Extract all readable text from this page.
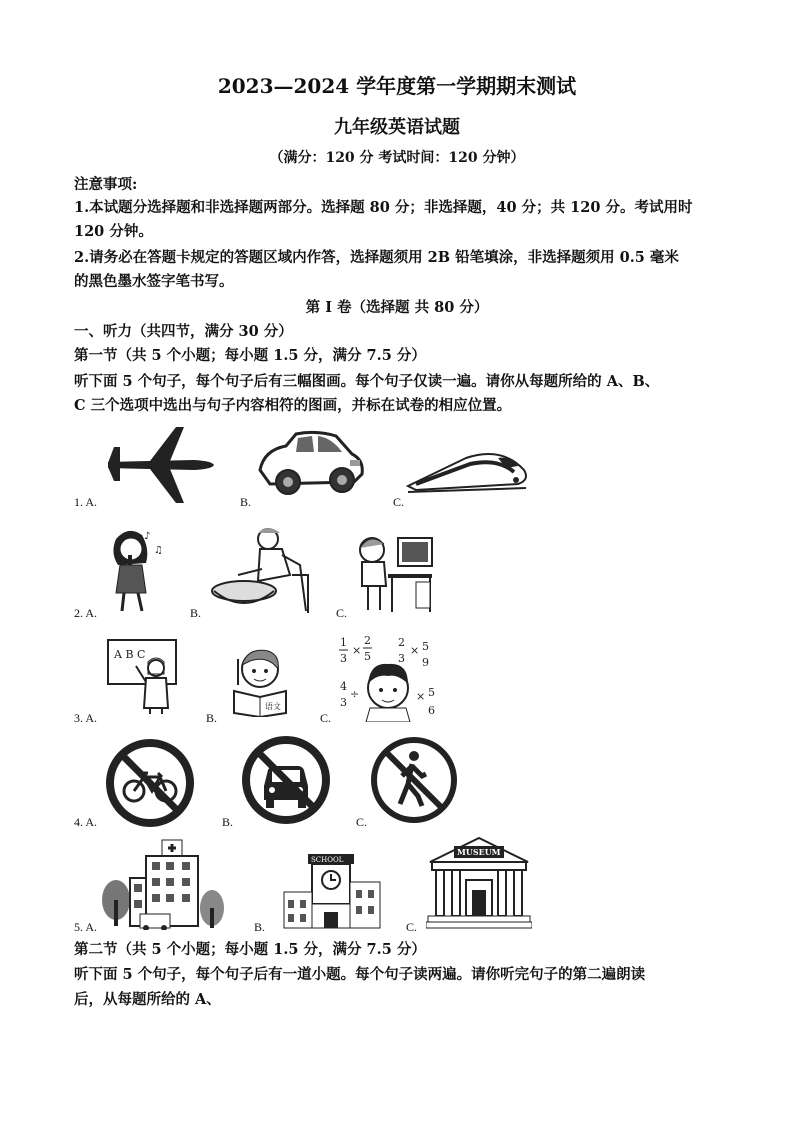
2023—2024 学年度第一学期期末测试
九年级英语试题
（满分：120 分 考试时间：120 分钟）
注意事项:
1.本试题分选择题和非选择题两部分。选择题 80 分；非选择题，40 分；共 120 分。考试用时
120 分钟。
2.请务必在答题卡规定的答题区域内作答，选择题须用 2B 铅笔填涂，非选择题须用 0.5 毫米
的黑色墨水签字笔书写。
第 I 卷（选择题 共 80 分）
一、听力（共四节，满分 30 分）
第一节（共 5 个小题；每小题 1.5 分，满分 7.5 分）
听下面 5 个句子，每个句子后有三幅图画。每个句子仅读一遍。请你从每题所给的 A、B、
C 三个选项中选出与句子内容相符的图画，并标在试卷的相应位置。
1. A.	B.	C.
2. A.	B.	C.
♪
♫
3. A.	B.	C.
A B C
语文
1
3
×
2
5
2
3
× 5
9
4
3
÷	× 5
6
4. A.	B.	C.
5. A.	B.	C.
SCHOOL
MUSEUM
第二节（共 5 个小题；每小题 1.5 分，满分 7.5 分）
听下面 5 个句子，每个句子后有一道小题。每个句子读两遍。请你听完句子的第二遍朗读
后，从每题所给的 A、
